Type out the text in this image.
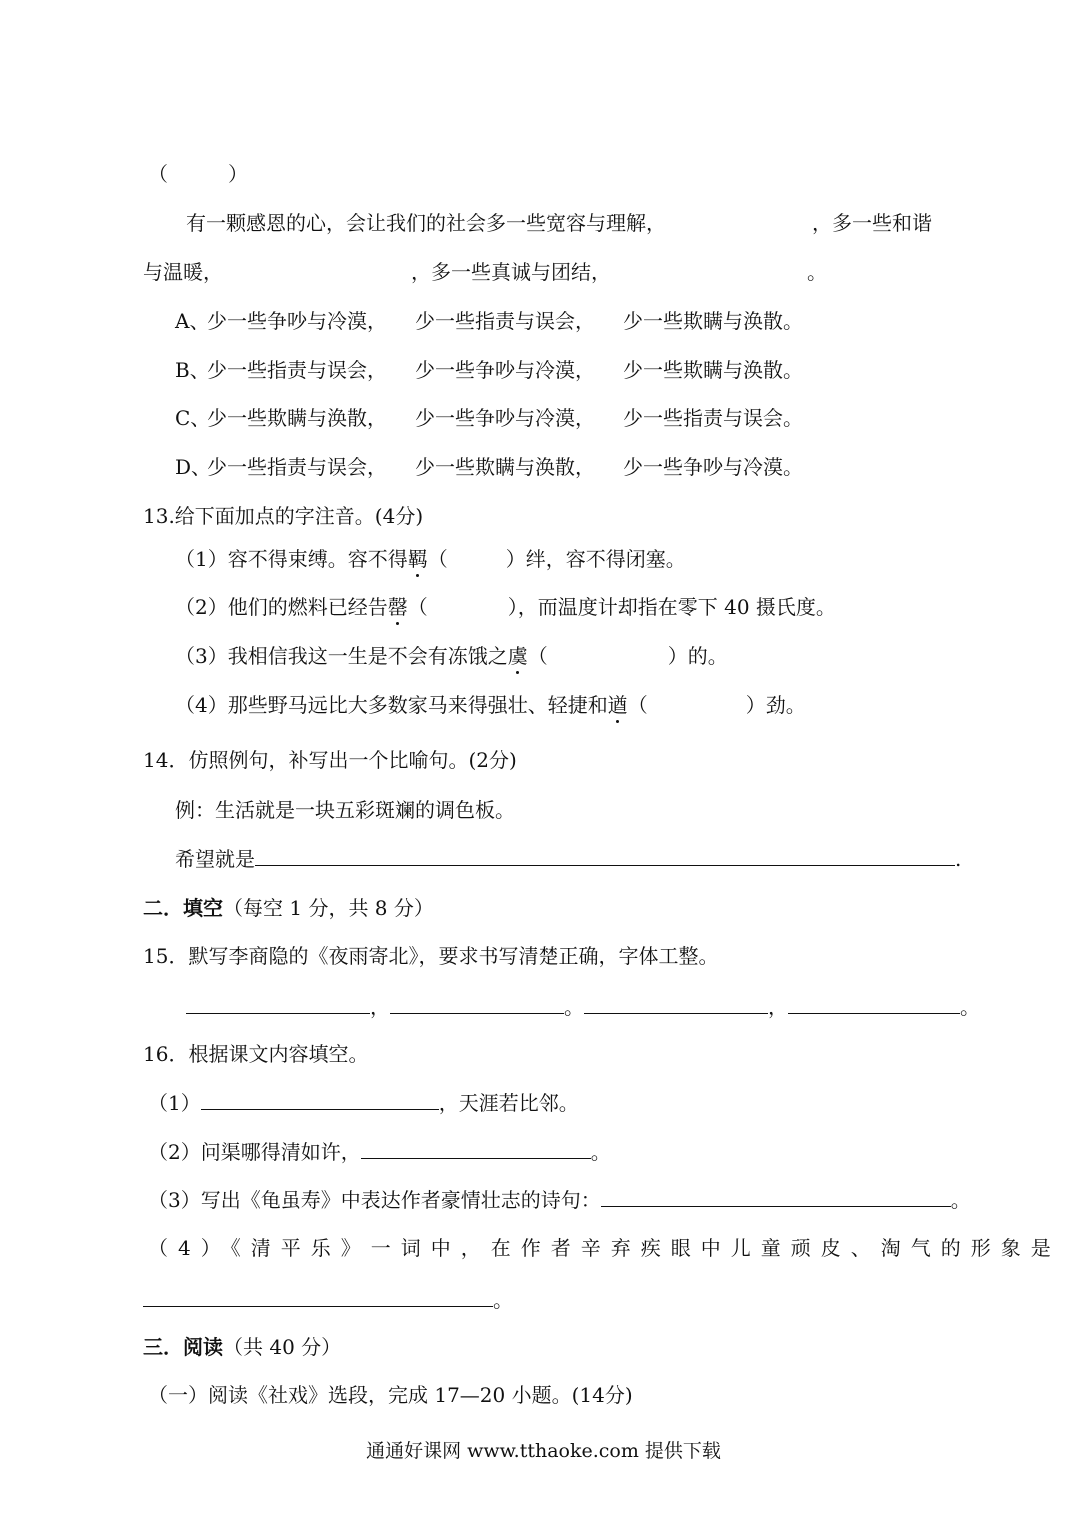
（　　　）
有一颗感恩的心，会让我们的社会多一些宽容与理解，	，多一些和谐
与温暖，	，多一些真诚与团结，	。
A、
少一些争吵与冷漠， 少一些指责与误会， 少一些欺瞒与涣散。
B、
少一些指责与误会， 少一些争吵与冷漠， 少一些欺瞒与涣散。
C、
少一些欺瞒与涣散， 少一些争吵与冷漠， 少一些指责与误会。
D、
少一些指责与误会， 少一些欺瞒与涣散， 少一些争吵与冷漠。
13.给下面加点的字注音。(4分)
（1）容不得束缚。容不得羁（	）绊，容不得闭塞。
（2）他们的燃料已经告罄（	），而温度计却指在零下 40 摄氏度。
（3）我相信我这一生是不会有冻饿之虞（	）的。
（4）那些野马远比大多数家马来得强壮、轻捷和遒（	）劲。
14．仿照例句，补写出一个比喻句。(2分)
例：生活就是一块五彩斑斓的调色板。
希望就是	.
二．填空（每空 1 分，共 8 分）
15．默写李商隐的《夜雨寄北》，要求书写清楚正确，字体工整。
，	。	，	。
16．根据课文内容填空。
（1）	，天涯若比邻。
（2）问渠哪得清如许，	。
（3）写出《龟虽寿》中表达作者豪情壮志的诗句：	。
（4）《清平乐》一词中，在作者辛弃疾眼中儿童顽皮、淘气的形象是
。
三．阅读（共 40 分）
（一）阅读《社戏》选段，完成 17—20 小题。(14分)
通通好课网 www.tthaoke.com 提供下载
